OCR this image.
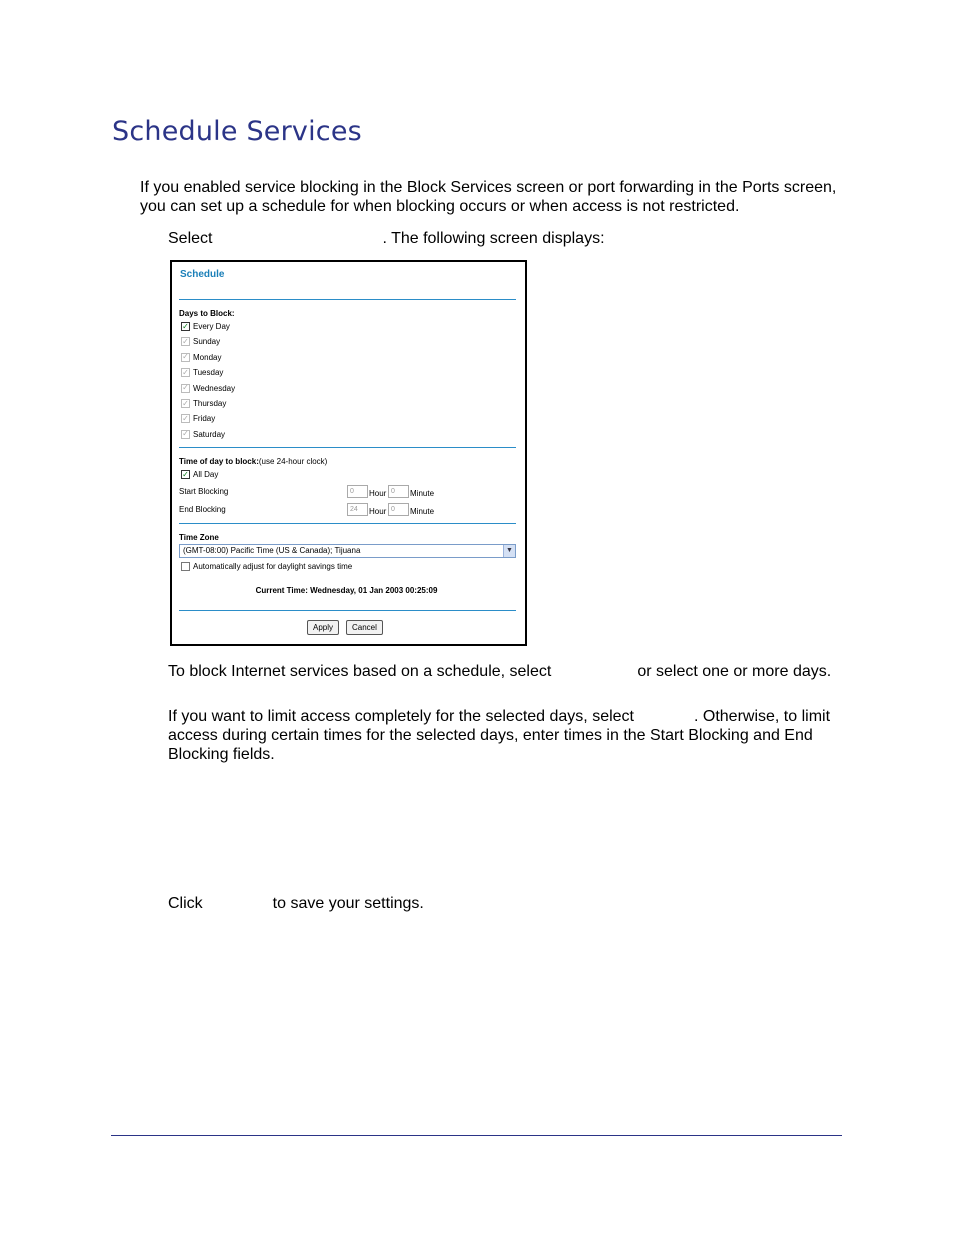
Schedule Services

If you enabled service blocking in the Block Services screen or port forwarding in the Ports screen, you can set up a schedule for when blocking occurs or when access is not restricted.

Select	. The following screen displays:

Schedule
Days to Block:
✓ Every Day
✓ Sunday
✓ Monday
✓ Tuesday
✓ Wednesday
✓ Thursday
✓ Friday
✓ Saturday
Time of day to block:(use 24-hour clock)
✓ All Day
Start Blocking	0	Hour 0	Minute
End Blocking	24	Hour 0	Minute
Time Zone
(GMT-08:00) Pacific Time (US & Canada); Tijuana	▼
Automatically adjust for daylight savings time
Current Time: Wednesday, 01 Jan 2003 00:25:09
Apply	Cancel

To block Internet services based on a schedule, select	or select one or more days.

If you want to limit access completely for the selected days, select	. Otherwise, to limit access during certain times for the selected days, enter times in the Start Blocking and End Blocking fields.

Click	to save your settings.
